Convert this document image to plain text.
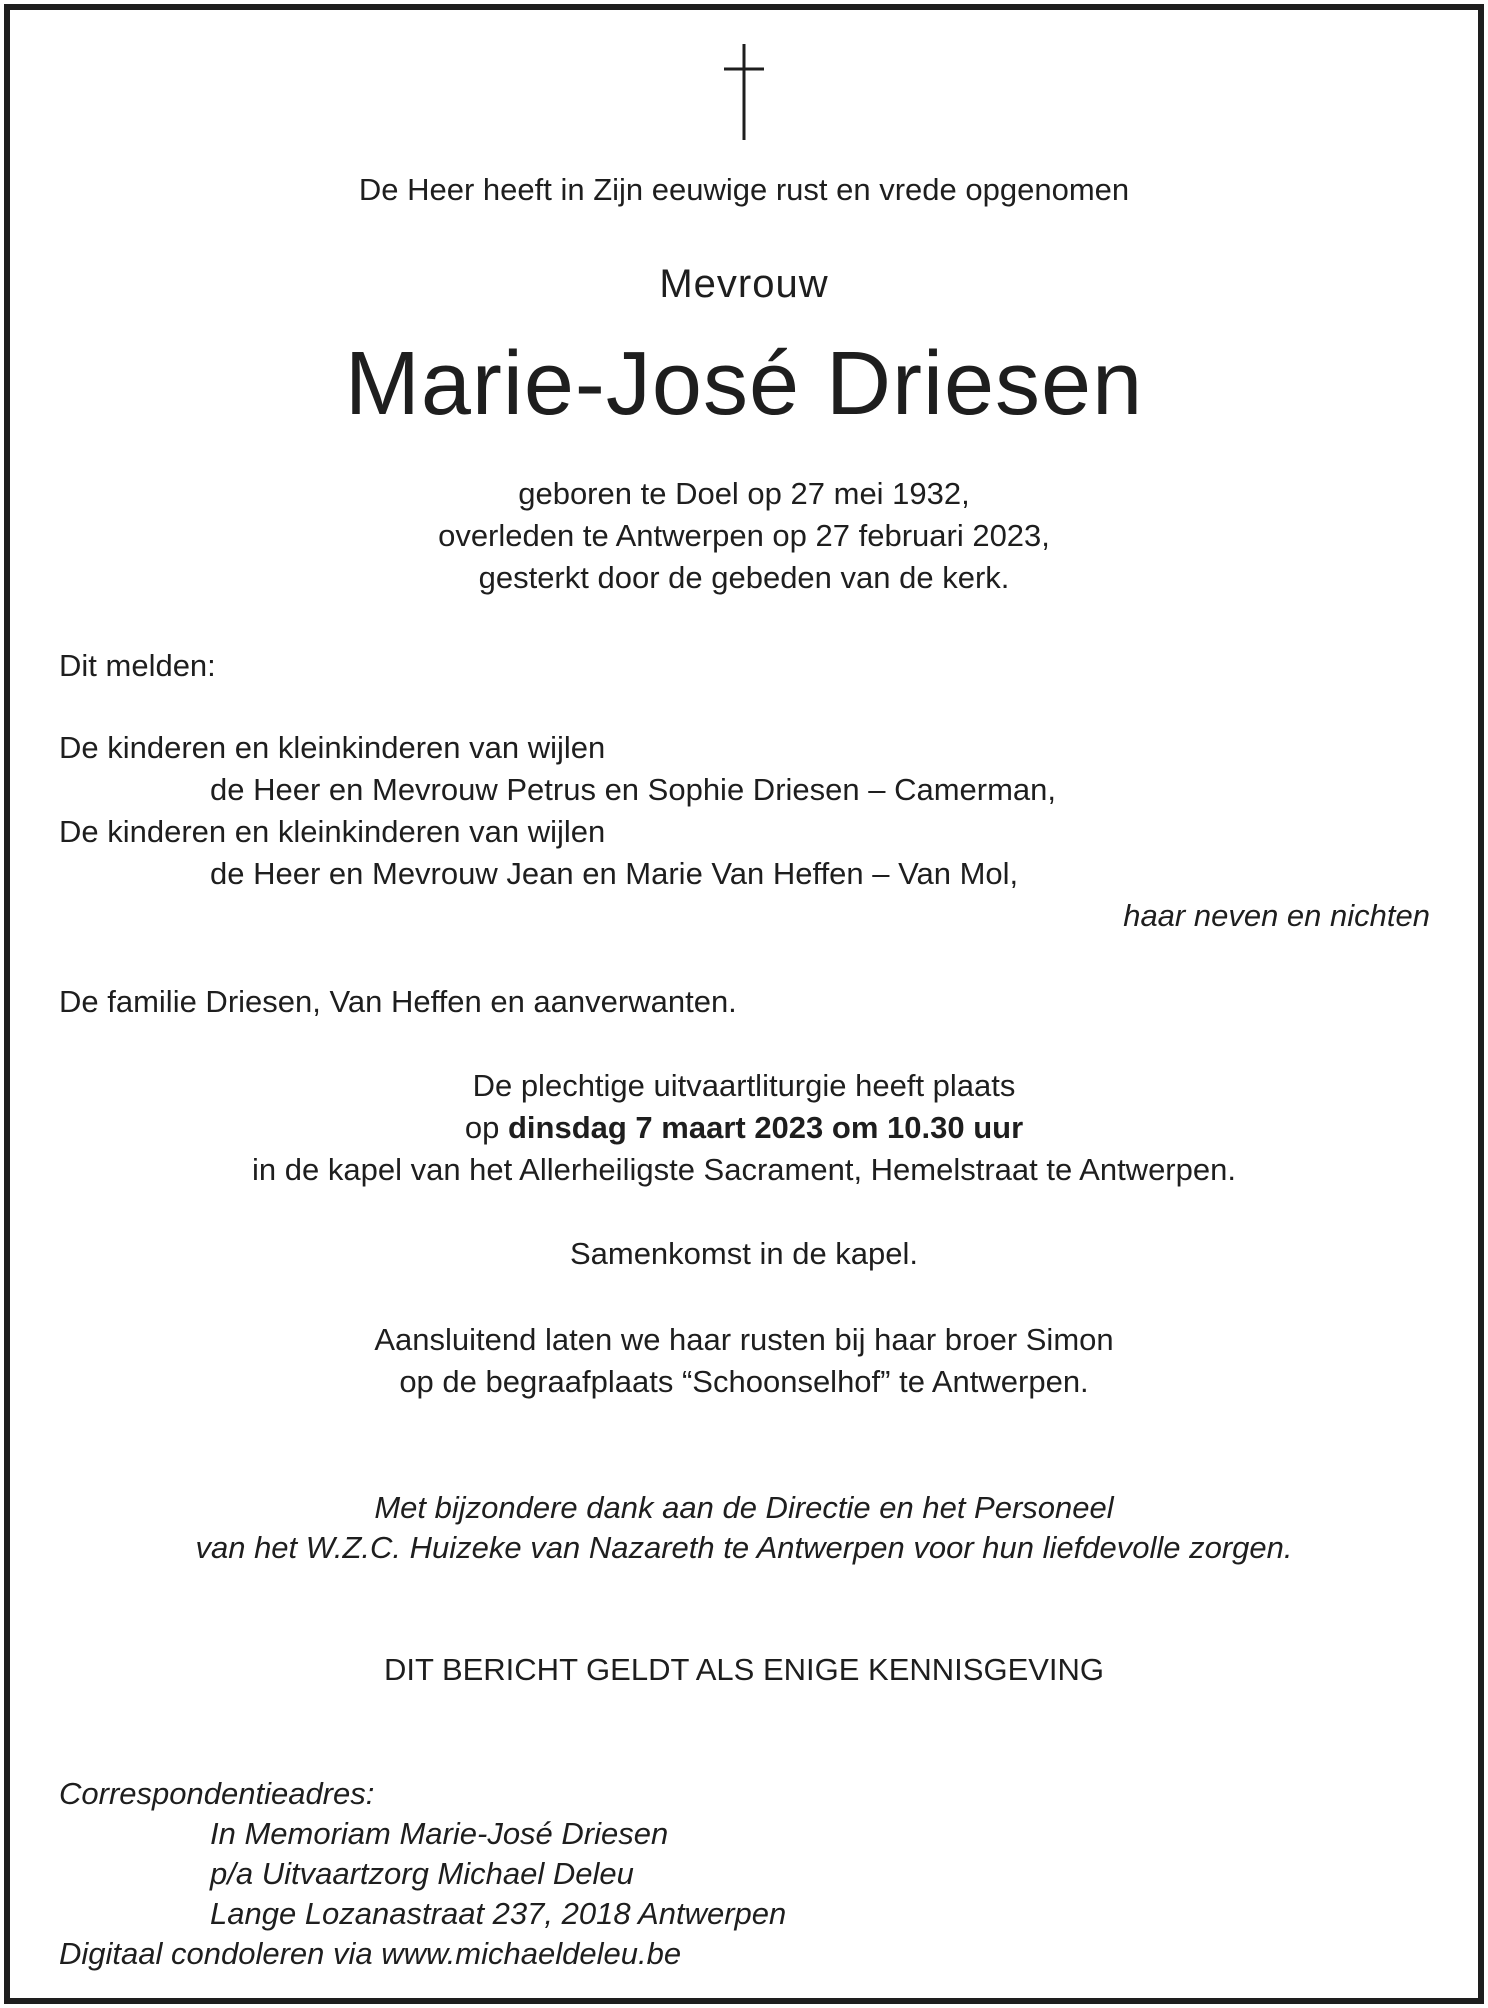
De Heer heeft in Zijn eeuwige rust en vrede opgenomen
Mevrouw
Marie-José Driesen
geboren te Doel op 27 mei 1932,
overleden te Antwerpen op 27 februari 2023,
gesterkt door de gebeden van de kerk.
Dit melden:
De kinderen en kleinkinderen van wijlen
de Heer en Mevrouw Petrus en Sophie Driesen – Camerman,
De kinderen en kleinkinderen van wijlen
de Heer en Mevrouw Jean en Marie Van Heffen – Van Mol,
haar neven en nichten
De familie Driesen, Van Heffen en aanverwanten.
De plechtige uitvaartliturgie heeft plaats
op dinsdag 7 maart 2023 om 10.30 uur
in de kapel van het Allerheiligste Sacrament, Hemelstraat te Antwerpen.
Samenkomst in de kapel.
Aansluitend laten we haar rusten bij haar broer Simon
op de begraafplaats “Schoonselhof” te Antwerpen.
Met bijzondere dank aan de Directie en het Personeel
van het W.Z.C. Huizeke van Nazareth te Antwerpen voor hun liefdevolle zorgen.
DIT BERICHT GELDT ALS ENIGE KENNISGEVING
Correspondentieadres:
In Memoriam Marie-José Driesen
p/a Uitvaartzorg Michael Deleu
Lange Lozanastraat 237, 2018 Antwerpen
Digitaal condoleren via www.michaeldeleu.be
